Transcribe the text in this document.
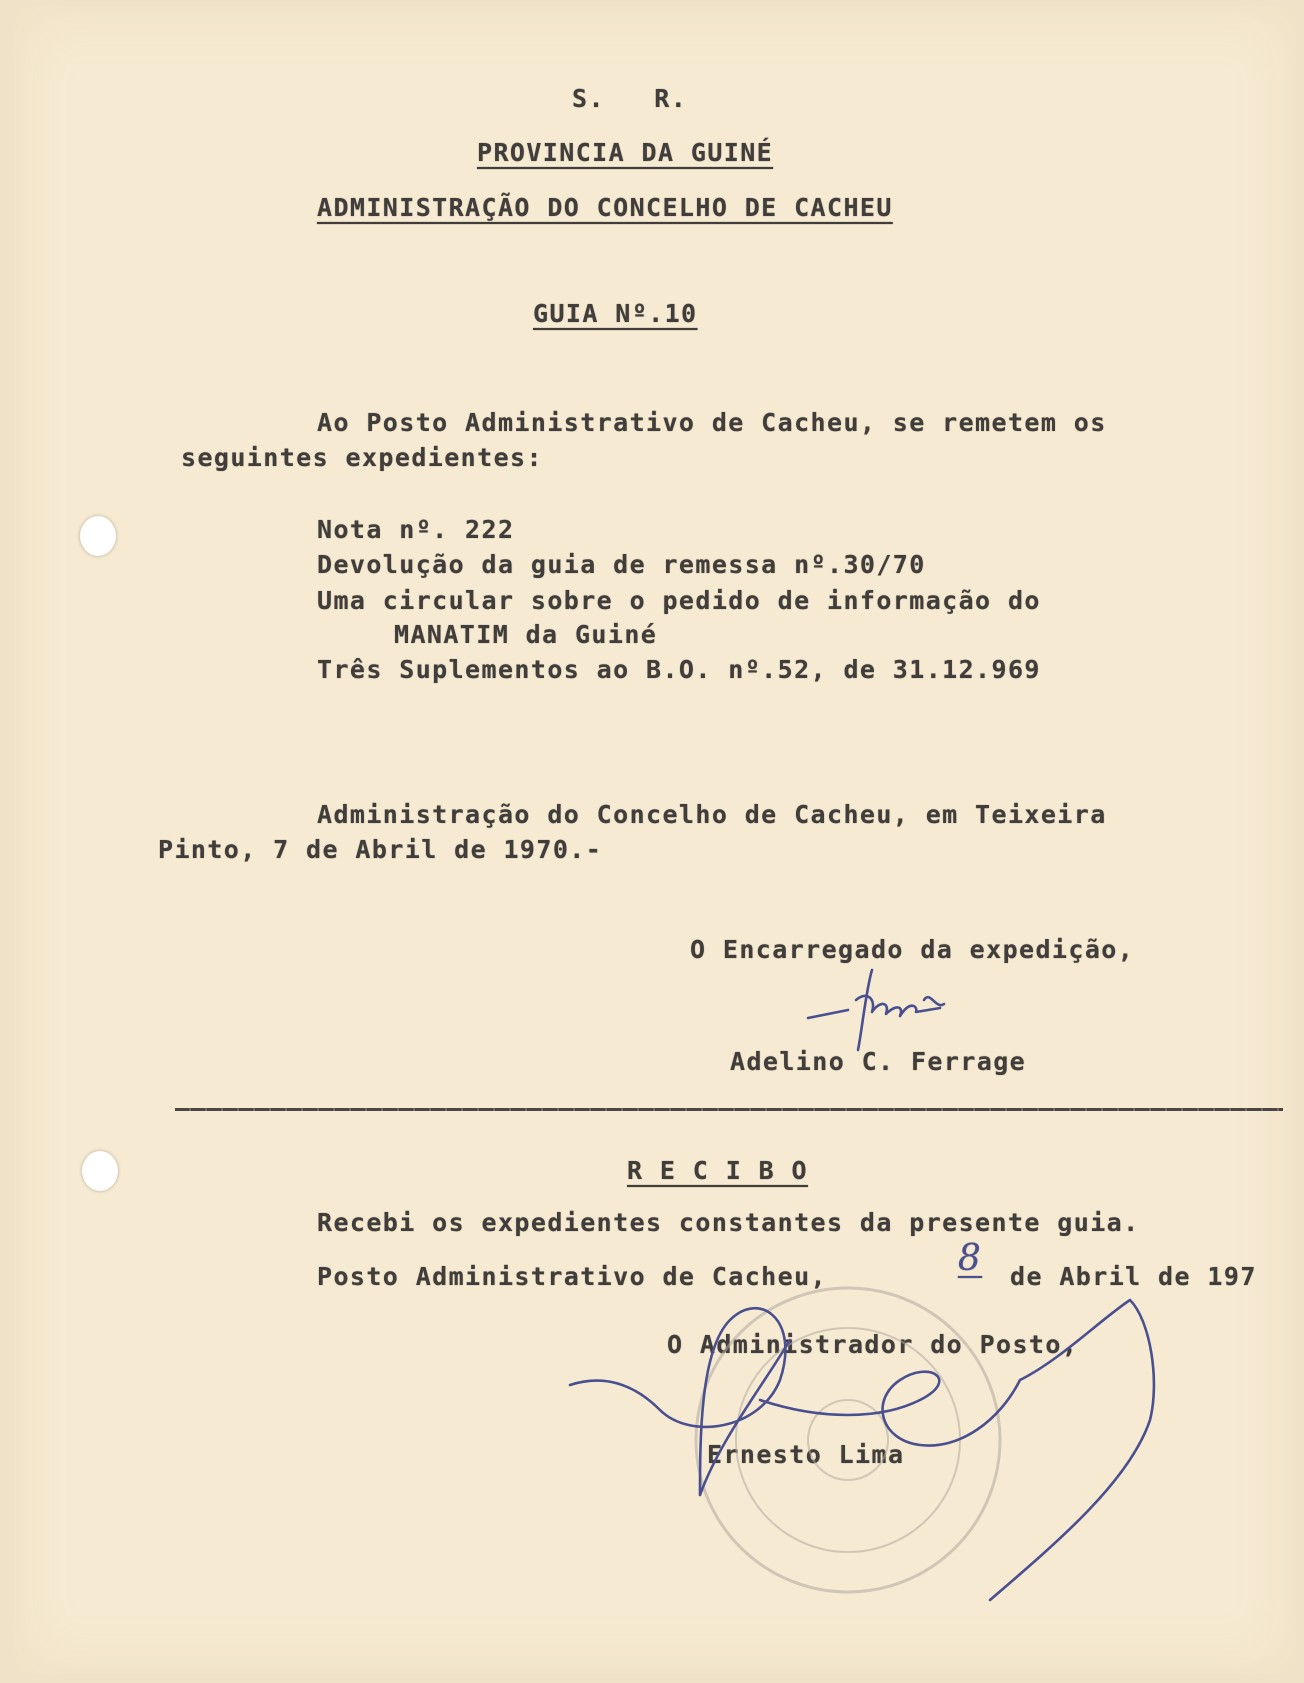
S.   R.
PROVINCIA DA GUINÉ
ADMINISTRAÇÃO DO CONCELHO DE CACHEU
GUIA Nº.10
Ao Posto Administrativo de Cacheu, se remetem os
seguintes expedientes:
Nota nº. 222
Devolução da guia de remessa nº.30/70
Uma circular sobre o pedido de informação do
MANATIM da Guiné
Três Suplementos ao B.O. nº.52, de 31.12.969
Administração do Concelho de Cacheu, em Teixeira
Pinto, 7 de Abril de 1970.-
O Encarregado da expedição,
Adelino C. Ferrage
R E C I B O
Recebi os expedientes constantes da presente guia.
Posto Administrativo de Cacheu,	8	de Abril de 197
O Administrador do Posto,
Ernesto Lima
